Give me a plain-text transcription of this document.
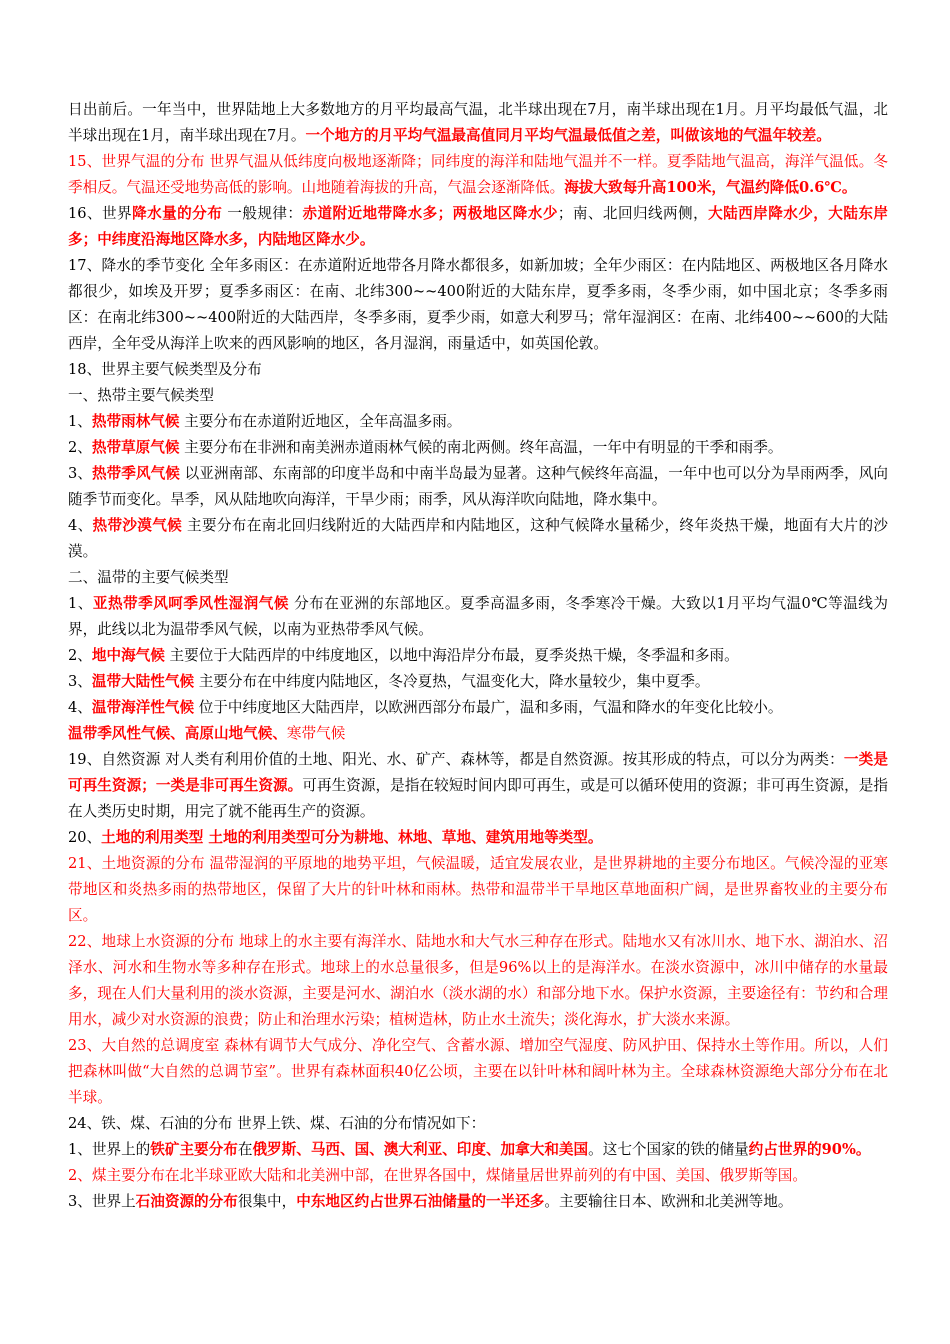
日出前后。一年当中，世界陆地上大多数地方的月平均最高气温，北半球出现在7月，南半球出现在1月。月平均最低气温，北半球出现在1月，南半球出现在7月。一个地方的月平均气温最高值同月平均气温最低值之差，叫做该地的气温年较差。

15、世界气温的分布 世界气温从低纬度向极地逐渐降；同纬度的海洋和陆地气温并不一样。夏季陆地气温高，海洋气温低。冬季相反。气温还受地势高低的影响。山地随着海拔的升高，气温会逐渐降低。海拔大致每升高100米，气温约降低0.6℃。

16、世界降水量的分布 一般规律：赤道附近地带降水多；两极地区降水少；南、北回归线两侧，大陆西岸降水少，大陆东岸多；中纬度沿海地区降水多，内陆地区降水少。

17、降水的季节变化 全年多雨区：在赤道附近地带各月降水都很多，如新加坡；全年少雨区：在内陆地区、两极地区各月降水都很少，如埃及开罗；夏季多雨区：在南、北纬300~~400附近的大陆东岸，夏季多雨，冬季少雨，如中国北京；冬季多雨区：在南北纬300~~400附近的大陆西岸，冬季多雨，夏季少雨，如意大利罗马；常年湿润区：在南、北纬400~~600的大陆西岸，全年受从海洋上吹来的西风影响的地区，各月湿润，雨量适中，如英国伦敦。

18、世界主要气候类型及分布

一、热带主要气候类型

1、热带雨林气候 主要分布在赤道附近地区，全年高温多雨。

2、热带草原气候 主要分布在非洲和南美洲赤道雨林气候的南北两侧。终年高温，一年中有明显的干季和雨季。

3、热带季风气候 以亚洲南部、东南部的印度半岛和中南半岛最为显著。这种气候终年高温，一年中也可以分为旱雨两季，风向随季节而变化。旱季，风从陆地吹向海洋，干旱少雨；雨季，风从海洋吹向陆地，降水集中。

4、热带沙漠气候 主要分布在南北回归线附近的大陆西岸和内陆地区，这种气候降水量稀少，终年炎热干燥，地面有大片的沙漠。

二、温带的主要气候类型

1、亚热带季风呵季风性湿润气候 分布在亚洲的东部地区。夏季高温多雨，冬季寒冷干燥。大致以1月平均气温0℃等温线为界，此线以北为温带季风气候，以南为亚热带季风气候。

2、地中海气候 主要位于大陆西岸的中纬度地区，以地中海沿岸分布最，夏季炎热干燥，冬季温和多雨。

3、温带大陆性气候 主要分布在中纬度内陆地区，冬冷夏热，气温变化大，降水量较少，集中夏季。

4、温带海洋性气候 位于中纬度地区大陆西岸，以欧洲西部分布最广，温和多雨，气温和降水的年变化比较小。

温带季风性气候、高原山地气候、寒带气候

19、自然资源 对人类有利用价值的土地、阳光、水、矿产、森林等，都是自然资源。按其形成的特点，可以分为两类：一类是可再生资源；一类是非可再生资源。可再生资源，是指在较短时间内即可再生，或是可以循环使用的资源；非可再生资源，是指在人类历史时期，用完了就不能再生产的资源。

20、土地的利用类型 土地的利用类型可分为耕地、林地、草地、建筑用地等类型。

21、土地资源的分布 温带湿润的平原地的地势平坦，气候温暖，适宜发展农业，是世界耕地的主要分布地区。气候冷湿的亚寒带地区和炎热多雨的热带地区，保留了大片的针叶林和雨林。热带和温带半干旱地区草地面积广阔，是世界畜牧业的主要分布区。

22、地球上水资源的分布 地球上的水主要有海洋水、陆地水和大气水三种存在形式。陆地水又有冰川水、地下水、湖泊水、沼泽水、河水和生物水等多种存在形式。地球上的水总量很多，但是96%以上的是海洋水。在淡水资源中，冰川中储存的水量最多，现在人们大量利用的淡水资源，主要是河水、湖泊水（淡水湖的水）和部分地下水。保护水资源，主要途径有：节约和合理用水，减少对水资源的浪费；防止和治理水污染；植树造林，防止水土流失；淡化海水，扩大淡水来源。

23、大自然的总调度室 森林有调节大气成分、净化空气、含蓄水源、增加空气湿度、防风护田、保持水土等作用。所以，人们把森林叫做“大自然的总调节室”。世界有森林面积40亿公顷，主要在以针叶林和阔叶林为主。全球森林资源绝大部分分布在北半球。

24、铁、煤、石油的分布 世界上铁、煤、石油的分布情况如下：

1、世界上的铁矿主要分布在俄罗斯、马西、国、澳大利亚、印度、加拿大和美国。这七个国家的铁的储量约占世界的90%。

2、煤主要分布在北半球亚欧大陆和北美洲中部，在世界各国中，煤储量居世界前列的有中国、美国、俄罗斯等国。

3、世界上石油资源的分布很集中，中东地区约占世界石油储量的一半还多。主要输往日本、欧洲和北美洲等地。
